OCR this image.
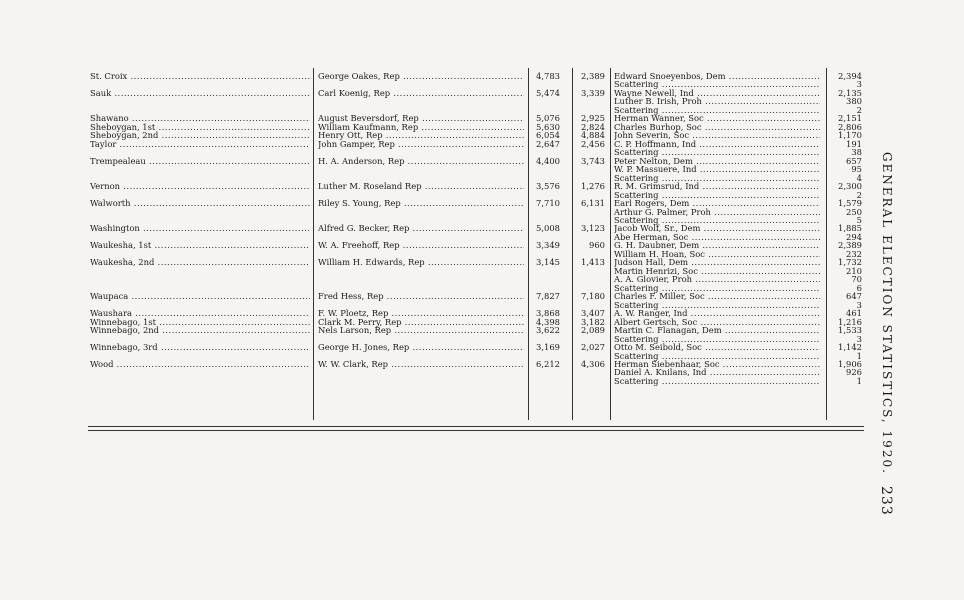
St. Croix .....	George Oakes, Rep .....	4,783	2,389 Edward Snoeyenbos, Dem .....	2,394
Scattering .....	3
Sauk .....	Carl Koenig, Rep .....	5,474	3,339 Wayne Newell, Ind .....	2,135
Luther B. Irish, Proh .....	380
Scattering .....	2
Shawano .....	August Beversdorf, Rep .....	5,076	2,925 Herman Wanner, Soc .....	2,151
Sheboygan, 1st .....	William Kaufmann, Rep .....	5,630	2,824 Charles Burhop, Soc .....	2,806
Sheboygan, 2nd .....	Henry Ott, Rep .....	6,054	4,884 John Severin, Soc .....	1,170
Taylor .....	John Gamper, Rep .....	2,647	2,456 C. P. Hoffmann, Ind .....	191
Scattering .....	38
Trempealeau .....	H. A. Anderson, Rep .....	4,400	3,743 Peter Nelton, Dem .....	657
W. P. Massuere, Ind .....	95
Scattering .....	4
Vernon .....	Luther M. Roseland Rep .....	3,576	1,276 R. M. Grimsrud, Ind .....	2,300
Scattering .....	2
Walworth .....	Riley S. Young, Rep .....	7,710	6,131 Earl Rogers, Dem .....	1,579
Arthur G. Palmer, Proh .....	250
Scattering .....	5
Washington .....	Alfred G. Becker, Rep .....	5,008	3,123 Jacob Wolf, Sr., Dem .....	1,885
Abe Herman, Soc .....	294
Waukesha, 1st .....	W. A. Freehoff, Rep .....	3,349	960 G. H. Daubner, Dem .....	2,389
William H. Hoan, Soc .....	232
Waukesha, 2nd .....	William H. Edwards, Rep .....	3,145	1,413 Judson Hall, Dem .....	1,732
Martin Henrizi, Soc .....	210
A. A. Glovier, Proh .....	70
Scattering .....	6
Waupaca .....	Fred Hess, Rep .....	7,827	7,180 Charles F. Miller, Soc .....	647
Scattering .....	3
Waushara .....	F. W. Ploetz, Rep .....	3,868	3,407 A. W. Ranger, Ind .....	461
Winnebago, 1st .....	Clark M. Perry, Rep .....	4,398	3,182 Albert Gertsch, Soc .....	1,216
Winnebago, 2nd .....	Nels Larson, Rep .....	3,622	2,089 Martin C. Flanagan, Dem .....	1,533
Scattering .....	3
Winnebago, 3rd .....	George H. Jones, Rep .....	3,169	2,027 Otto M. Seibold, Soc .....	1,142
Scattering .....	1
Wood .....	W. W. Clark, Rep .....	6,212	4,306 Herman Siebenhaar, Soc .....	1,906
Daniel A. Knilans, Ind .....	926
Scattering .....	1 GENERAL ELECTION STATISTICS, 1920.
233
